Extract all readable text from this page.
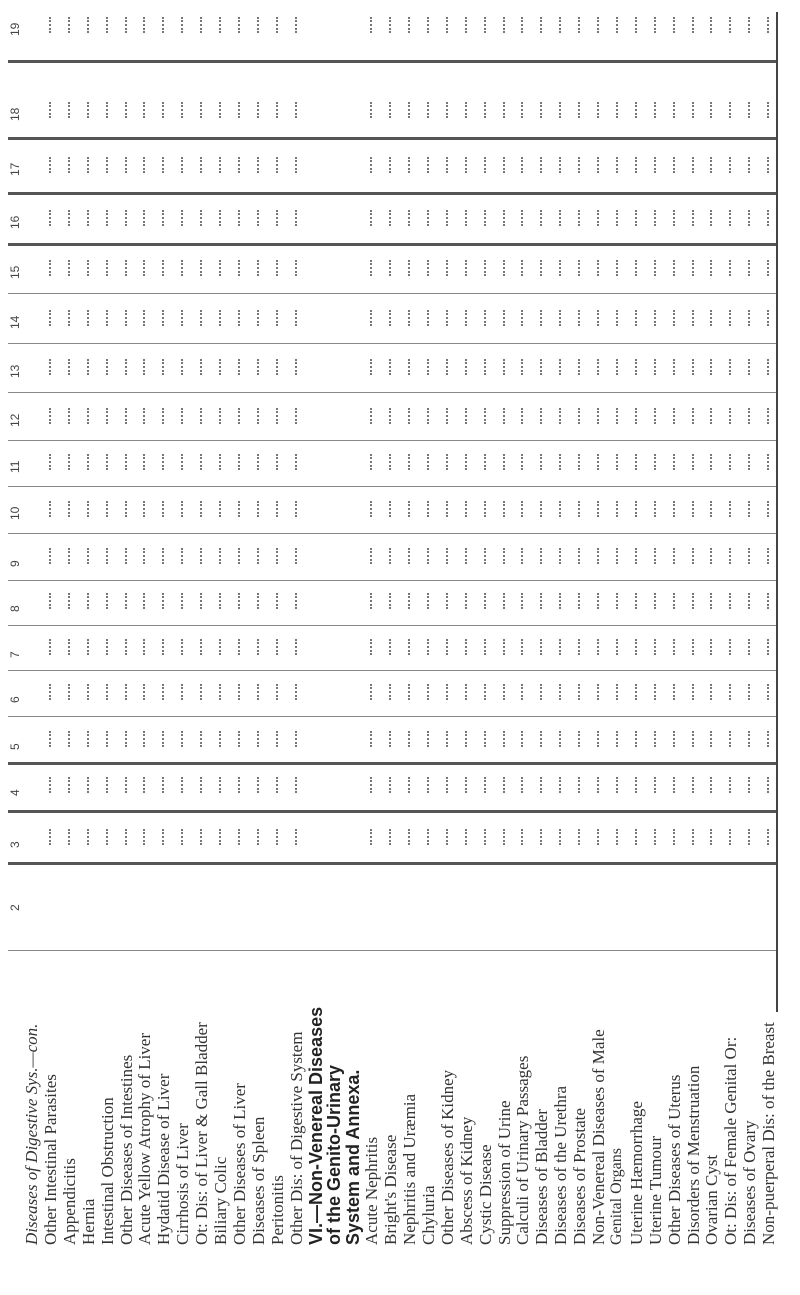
19
18
17
16
15
14
13
12
11
10
9
8
7
6
5
4
3
2
Diseases of Digestive Sys.—con. Other Intestinal Parasites Appendicitis Hernia Intestinal Obstruction Other Diseases of Intestines Acute Yellow Atrophy of Liver Hydatid Disease of Liver Cirrhosis of Liver Ot: Dis: of Liver & Gall Bladder Biliary Colic Other Diseases of Liver Diseases of Spleen Peritonitis Other Dis: of Digestive System VI.—Non-Venereal Diseases
of the Genito-Urinary
System and Annexa.
Acute Nephritis Bright's Disease Nephritis and Uræmia Chyluria Other Diseases of Kidney Abscess of Kidney Cystic Disease Suppression of Urine Calculi of Urinary Passages Diseases of Bladder Diseases of the Urethra Diseases of Prostate Non-Venereal Diseases of Male Genital Organs Uterine Hæmorrhage Uterine Tumour Other Diseases of Uterus Disorders of Menstruation Ovarian Cyst Ot: Dis: of Female Genital Or: Diseases of Ovary Non-puerperal Dis: of the Breast
